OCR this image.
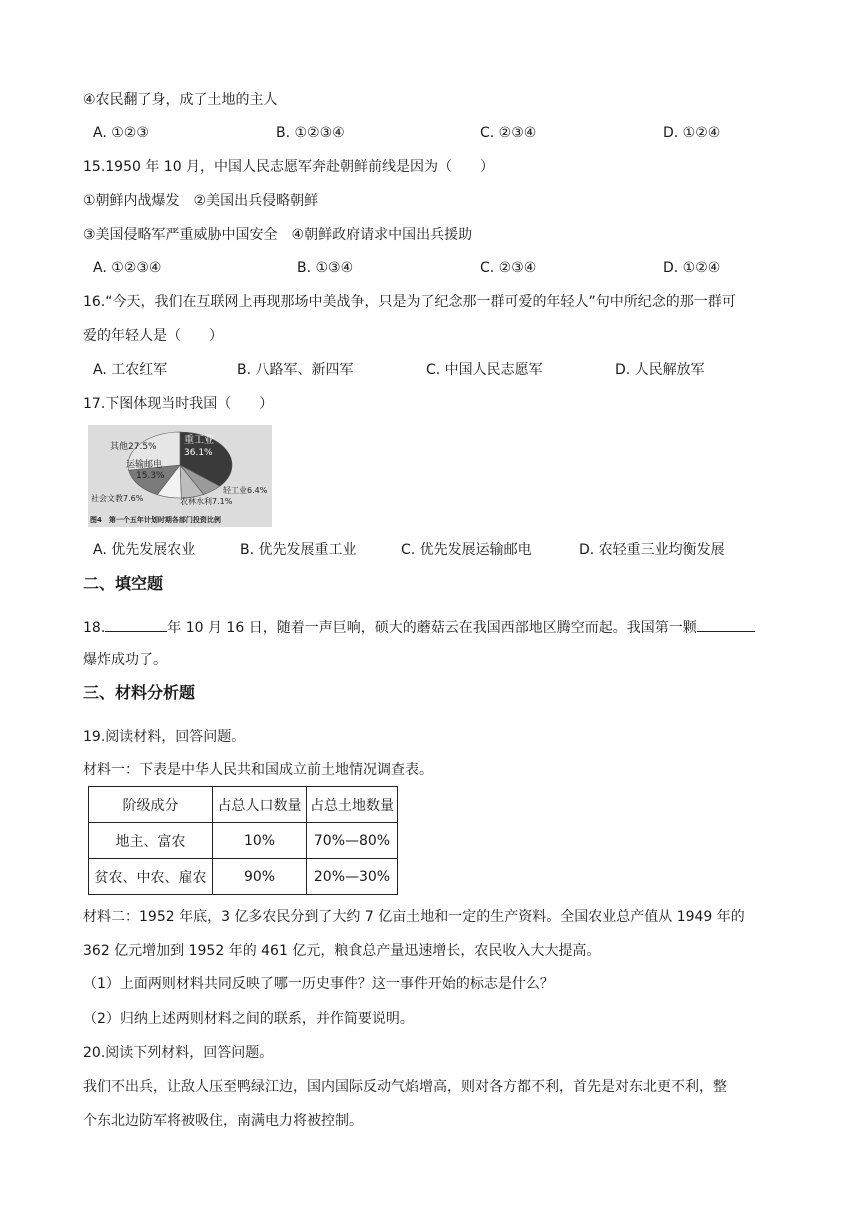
④农民翻了身，成了土地的主人
A. ①②③	B. ①②③④	C. ②③④	D. ①②④
15.1950 年 10 月，中国人民志愿军奔赴朝鲜前线是因为（　　）
①朝鲜内战爆发　②美国出兵侵略朝鲜
③美国侵略军严重威胁中国安全　④朝鲜政府请求中国出兵援助
A. ①②③④	B. ①③④	C. ②③④	D. ①②④
16.“今天，我们在互联网上再现那场中美战争，只是为了纪念那一群可爱的年轻人”句中所纪念的那一群可
爱的年轻人是（　　）
A. 工农红军	B. 八路军、新四军	C. 中国人民志愿军	D. 人民解放军
17.下图体现当时我国（　　）
重工业
36.1%
其他27.5%
运输邮电
15.3%
社会文教7.6%	农林水利7.1%
轻工业6.4%
图4　第一个五年计划时期各部门投资比例
A. 优先发展农业	B. 优先发展重工业	C. 优先发展运输邮电	D. 农轻重三业均衡发展
二、填空题
18.	年 10 月 16 日，随着一声巨响，硕大的蘑菇云在我国西部地区腾空而起。我国第一颗
爆炸成功了。
三、材料分析题
19.阅读材料，回答问题。
材料一：下表是中华人民共和国成立前土地情况调查表。
阶级成分	占总人口数量	占总土地数量
地主、富农	10%	70%—80%
贫农、中农、雇农	90%	20%—30%
材料二：1952 年底，3 亿多农民分到了大约 7 亿亩土地和一定的生产资料。全国农业总产值从 1949 年的
362 亿元增加到 1952 年的 461 亿元，粮食总产量迅速增长，农民收入大大提高。
（1）上面两则材料共同反映了哪一历史事件？这一事件开始的标志是什么？
（2）归纳上述两则材料之间的联系，并作简要说明。
20.阅读下列材料，回答问题。
我们不出兵，让敌人压至鸭绿江边，国内国际反动气焰增高，则对各方都不利，首先是对东北更不利，整
个东北边防军将被吸住，南满电力将被控制。
